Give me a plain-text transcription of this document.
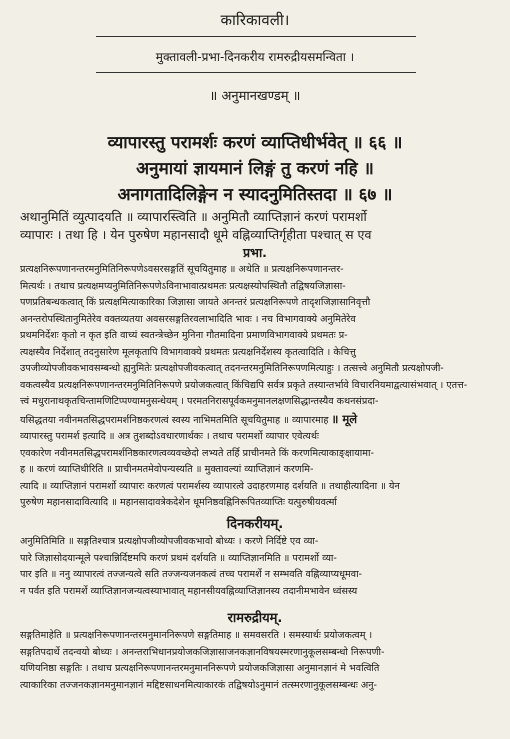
कारिकावली।
मुक्तावली-प्रभा-दिनकरीय रामरुद्रीयसमन्विता ।
॥ अनुमानखण्डम् ॥
व्यापारस्तु परामर्शः करणं व्याप्तिधीर्भवेत् ॥ ६६ ॥
अनुमायां ज्ञायमानं लिङ्गं तु करणं नहि ॥
अनागतादिलिङ्गेन न स्यादनुमितिस्तदा ॥ ६७ ॥
अथानुमितिं व्युत्पादयति ॥ व्यापारस्त्विति ॥ अनुमितौ व्याप्तिज्ञानं करणं परामर्शो
व्यापारः । तथा हि । येन पुरुषेण महानसादौ धूमे वह्निव्याप्तिर्गृहीता पश्चात् स एव
प्रभा.
प्रत्यक्षनिरूपणानन्तरमनुमितिनिरूपणेऽवसरसङ्गतिं सूचयितुमाह ॥ अथेति ॥ प्रत्यक्षनिरूपणानन्तर-
मित्यर्थः । तथाच प्रत्यक्षमप्यनुमितिनिरूपणेऽविनाभावात्प्रथमतः प्रत्यक्षस्योपस्थितौ तद्विषयजिज्ञासा-
पणप्रतिबन्धकत्वात् किं प्रत्यक्षमित्याकारिका जिज्ञासा जायते अनन्तरं प्रत्यक्षनिरूपणे तादृशजिज्ञासानिवृत्तौ
अनन्तरोपस्थितानुमितेरेव वक्तव्यतया अवसरसङ्गतिरवलाभादिति भावः । नच विभागवाक्ये अनुमितेरेव
प्रथमनिर्देशः कृतो न कृत इति वाच्यं स्वतन्त्रेच्छेन मुनिना गौतमादिना प्रमाणविभागवाक्ये प्रथमतः प्र-
त्यक्षस्यैव निर्देशात् तदनुसारेण मूलकृतापि विभागवाक्ये प्रथमतः प्रत्यक्षनिर्देशस्य कृतत्वादिति । केचित्तु
उपजीव्योपजीवकभावसम्बन्धो ह्यनुमितेः प्रत्यक्षोपजीवकत्वात् तदनन्तरमनुमितिनिरूपणमित्याहुः । तत्सत्त्वे अनुमितौ प्रत्यक्षोपजी-
वकत्वस्यैव प्रत्यक्षनिरूपणानन्तरमनुमितिनिरूपणे प्रयोजकत्वात् किंचिद्यपि सर्वत्र प्रकृते तस्यान्तर्भावे विचारनियमाद्वत्यासंभवात् । एतत्त-
त्त्वं मधुरानाथकृतचिन्तामणिटिप्पण्यामनुसन्धेयम् । परमतनिरासपूर्वकमनुमानलक्षणसिद्धान्तस्यैव कथनसंप्रदा-
यसिद्धतया नवीनमतसिद्धपरामर्शनिष्ठकरणत्वं स्वस्य नाभिमतमिति सूचयितुमाह ॥ व्यापारमाह ॥ मूले
व्यापारस्तु परामर्श इत्यादि ॥ अत्र तुशब्दोऽवधारणार्थकः । तथाच परामर्शो व्यापार एवेत्यर्थः
एवकारेण नवीनमतसिद्धपरामर्शनिष्ठकारणत्वव्यवच्छेदो लभ्यते तर्हि प्राचीनमते किं करणमित्याकाङ्क्षायामा-
ह ॥ करणं व्याप्तिधीरिति ॥ प्राचीनमतमेवोपन्यस्यति ॥ मुक्तावल्यां व्याप्तिज्ञानं करणमि-
त्यादि ॥ व्याप्तिज्ञानं परामर्शो व्यापारः करणत्वं परामर्शस्य व्यापारत्वे उदाहरणमाह दर्शयति ॥ तथाहीत्यादिना ॥ येन
पुरुषेण महानसादावित्यादि ॥ महानसादावत्रेकदेशेन धूमनिष्ठवह्निनिरूपितव्याप्तिः यत्पुरुषीयवर्त्मा
दिनकरीयम्.
अनुमितिमिति ॥ सङ्गतिश्चात्र प्रत्यक्षोपजीव्योपजीवकभावो बोध्यः । करणे निर्दिष्टे एव व्या-
पारे जिज्ञासोदयान्मूले पश्चान्निर्दिष्टमपि करणं प्रथमं दर्शयति ॥ व्याप्तिज्ञानमिति ॥ परामर्शो व्या-
पार इति ॥ ननु व्यापारत्वं तज्जन्यत्वे सति तज्जन्यजनकत्वं तच्च परामर्शे न सम्भवति वह्निव्याप्यधूमवा-
न पर्वत इति परामर्शे व्याप्तिज्ञानजन्यत्वस्याभावात् महानसीयवह्निव्याप्तिज्ञानस्य तदानीमभावेन ध्वंसस्य
रामरुद्रीयम्.
सङ्गतिमाहेति ॥ प्रत्यक्षनिरूपणानन्तरमनुमाननिरूपणे सङ्गतिमाह ॥ समवसरति । समस्यार्थः प्रयोजकत्वम् ।
सङ्गतिपदार्थे तदन्वयो बोध्यः । अनन्तराभिधानप्रयोजकजिज्ञासाजनकज्ञानविषयस्मरणानुकूलसम्बन्धो निरूपणी-
यणियनिष्ठा सङ्गतिः । तथाच प्रत्यक्षनिरूपणानन्तरमनुमाननिरूपणे प्रयोजकजिज्ञासा अनुमानज्ञानं मे भवत्विति
त्याकारिका तज्जनकज्ञानमनुमानज्ञानं मद्दिष्टसाधनमित्याकारकं तद्विषयोऽनुमानं तत्स्मरणानुकूलसम्बन्धः अनु-
